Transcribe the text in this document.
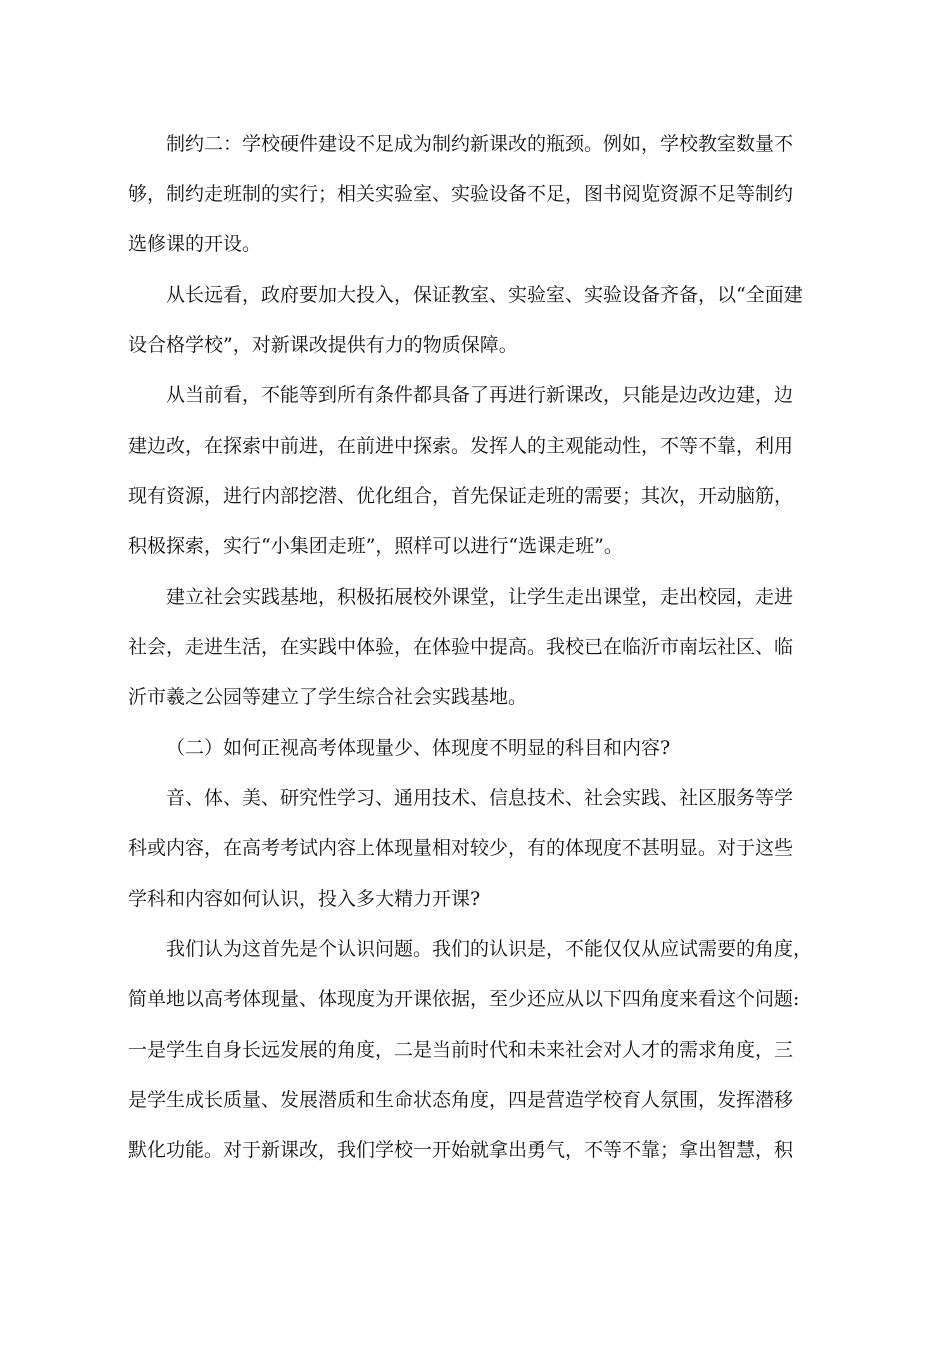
制约二：学校硬件建设不足成为制约新课改的瓶颈。例如，学校教室数量不
够，制约走班制的实行；相关实验室、实验设备不足，图书阅览资源不足等制约
选修课的开设。
从长远看，政府要加大投入，保证教室、实验室、实验设备齐备，以“全面建
设合格学校”，对新课改提供有力的物质保障。
从当前看，不能等到所有条件都具备了再进行新课改，只能是边改边建，边
建边改，在探索中前进，在前进中探索。发挥人的主观能动性，不等不靠，利用
现有资源，进行内部挖潜、优化组合，首先保证走班的需要；其次，开动脑筋，
积极探索，实行“小集团走班”，照样可以进行“选课走班”。
建立社会实践基地，积极拓展校外课堂，让学生走出课堂，走出校园，走进
社会，走进生活，在实践中体验，在体验中提高。我校已在临沂市南坛社区、临
沂市羲之公园等建立了学生综合社会实践基地。
（二）如何正视高考体现量少、体现度不明显的科目和内容?
音、体、美、研究性学习、通用技术、信息技术、社会实践、社区服务等学
科或内容，在高考考试内容上体现量相对较少，有的体现度不甚明显。对于这些
学科和内容如何认识，投入多大精力开课?
我们认为这首先是个认识问题。我们的认识是，不能仅仅从应试需要的角度，
简单地以高考体现量、体现度为开课依据，至少还应从以下四角度来看这个问题:
一是学生自身长远发展的角度，二是当前时代和未来社会对人才的需求角度，三
是学生成长质量、发展潜质和生命状态角度，四是营造学校育人氛围，发挥潜移
默化功能。对于新课改，我们学校一开始就拿出勇气，不等不靠；拿出智慧，积
